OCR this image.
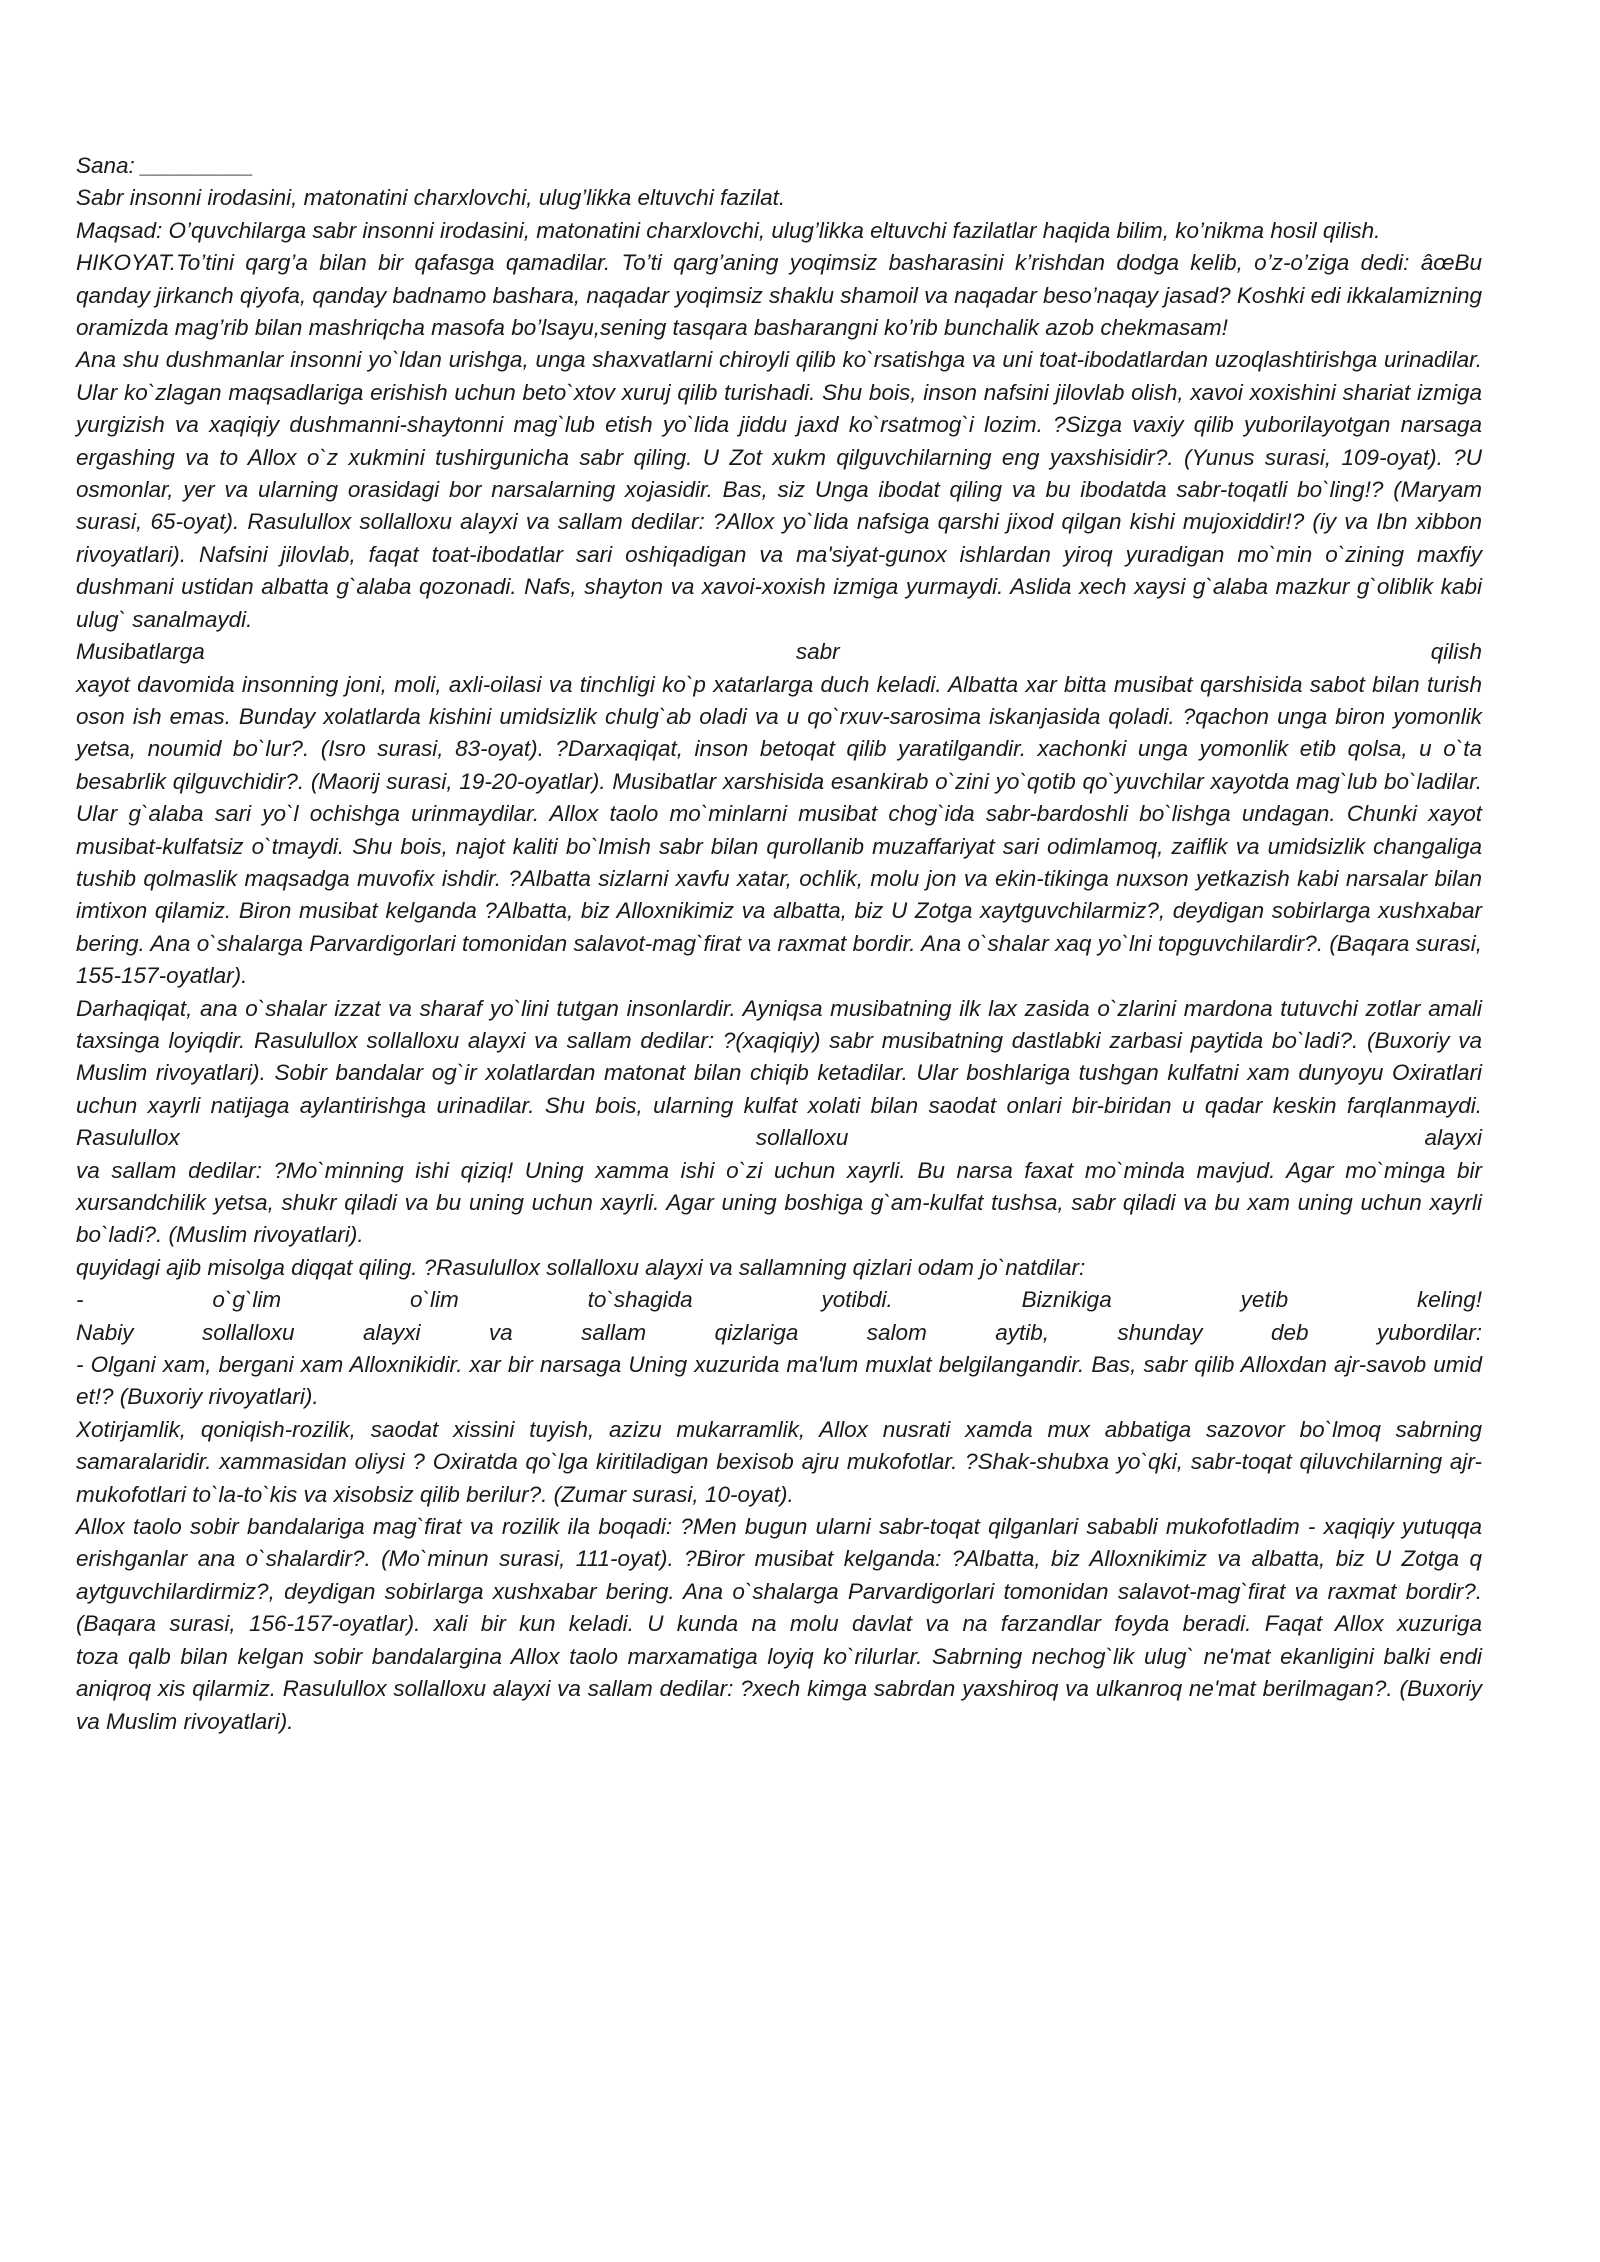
Sana: _________

Sabr insonni irodasini, matonatini charxlovchi, ulug’likka eltuvchi fazilat.

Maqsad: O’quvchilarga sabr insonni irodasini, matonatini charxlovchi, ulug’likka eltuvchi fazilatlar haqida bilim, ko’nikma hosil qilish.

HIKOYAT.To’tini qarg’a bilan bir qafasga qamadilar. To’ti qarg’aning yoqimsiz basharasini k’rishdan dodga kelib, o’z-o’ziga dedi: âœBu qanday jirkanch qiyofa, qanday badnamo bashara, naqadar yoqimsiz shaklu shamoil va naqadar beso’naqay jasad? Koshki edi ikkalamizning oramizda mag’rib bilan mashriqcha masofa bo’lsayu,sening tasqara basharangni ko’rib bunchalik azob chekmasam!

Ana shu dushmanlar insonni yo`ldan urishga, unga shaxvatlarni chiroyli qilib ko`rsatishga va uni toat-ibodatlardan uzoqlashtirishga urinadilar. Ular ko`zlagan maqsadlariga erishish uchun beto`xtov xuruj qilib turishadi. Shu bois, inson nafsini jilovlab olish, xavoi xoxishini shariat izmiga yurgizish va xaqiqiy dushmanni-shaytonni mag`lub etish yo`lida jiddu jaxd ko`rsatmog`i lozim. ?Sizga vaxiy qilib yuborilayotgan narsaga ergashing va to Allox o`z xukmini tushirgunicha sabr qiling. U Zot xukm qilguvchilarning eng yaxshisidir?. (Yunus surasi, 109-oyat). ?U osmonlar, yer va ularning orasidagi bor narsalarning xojasidir. Bas, siz Unga ibodat qiling va bu ibodatda sabr-toqatli bo`ling!? (Maryam surasi, 65-oyat). Rasulullox sollalloxu alayxi va sallam dedilar: ?Allox yo`lida nafsiga qarshi jixod qilgan kishi mujoxiddir!? (iy va Ibn xibbon rivoyatlari). Nafsini jilovlab, faqat toat-ibodatlar sari oshiqadigan va ma'siyat-gunox ishlardan yiroq yuradigan mo`min o`zining maxfiy dushmani ustidan albatta g`alaba qozonadi. Nafs, shayton va xavoi-xoxish izmiga yurmaydi. Aslida xech xaysi g`alaba mazkur g`oliblik kabi ulug` sanalmaydi.

Musibatlarga sabr qilish

xayot davomida insonning joni, moli, axli-oilasi va tinchligi ko`p xatarlarga duch keladi. Albatta xar bitta musibat qarshisida sabot bilan turish oson ish emas. Bunday xolatlarda kishini umidsizlik chulg`ab oladi va u qo`rxuv-sarosima iskanjasida qoladi. ?qachon unga biron yomonlik yetsa, noumid bo`lur?. (Isro surasi, 83-oyat). ?Darxaqiqat, inson betoqat qilib yaratilgandir. xachonki unga yomonlik etib qolsa, u o`ta besabrlik qilguvchidir?. (Maorij surasi, 19-20-oyatlar). Musibatlar xarshisida esankirab o`zini yo`qotib qo`yuvchilar xayotda mag`lub bo`ladilar. Ular g`alaba sari yo`l ochishga urinmaydilar. Allox taolo mo`minlarni musibat chog`ida sabr-bardoshli bo`lishga undagan. Chunki xayot musibat-kulfatsiz o`tmaydi. Shu bois, najot kaliti bo`lmish sabr bilan qurollanib muzaffariyat sari odimlamoq, zaiflik va umidsizlik changaliga tushib qolmaslik maqsadga muvofix ishdir. ?Albatta sizlarni xavfu xatar, ochlik, molu jon va ekin-tikinga nuxson yetkazish kabi narsalar bilan imtixon qilamiz. Biron musibat kelganda ?Albatta, biz Alloxnikimiz va albatta, biz U Zotga xaytguvchilarmiz?, deydigan sobirlarga xushxabar bering. Ana o`shalarga Parvardigorlari tomonidan salavot-mag`firat va raxmat bordir. Ana o`shalar xaq yo`lni topguvchilardir?. (Baqara surasi, 155-157-oyatlar).

Darhaqiqat, ana o`shalar izzat va sharaf yo`lini tutgan insonlardir. Ayniqsa musibatning ilk lax zasida o`zlarini mardona tutuvchi zotlar amali taxsinga loyiqdir. Rasulullox sollalloxu alayxi va sallam dedilar: ?(xaqiqiy) sabr musibatning dastlabki zarbasi paytida bo`ladi?. (Buxoriy va Muslim rivoyatlari). Sobir bandalar og`ir xolatlardan matonat bilan chiqib ketadilar. Ular boshlariga tushgan kulfatni xam dunyoyu Oxiratlari uchun xayrli natijaga aylantirishga urinadilar. Shu bois, ularning kulfat xolati bilan saodat onlari bir-biridan u qadar keskin farqlanmaydi. Rasulullox sollalloxu alayxi

va sallam dedilar: ?Mo`minning ishi qiziq! Uning xamma ishi o`zi uchun xayrli. Bu narsa faxat mo`minda mavjud. Agar mo`minga bir xursandchilik yetsa, shukr qiladi va bu uning uchun xayrli. Agar uning boshiga g`am-kulfat tushsa, sabr qiladi va bu xam uning uchun xayrli bo`ladi?. (Muslim rivoyatlari).

quyidagi ajib misolga diqqat qiling. ?Rasulullox sollalloxu alayxi va sallamning qizlari odam jo`natdilar:

- o`g`lim o`lim to`shagida yotibdi. Biznikiga yetib keling!

Nabiy sollalloxu alayxi va sallam qizlariga salom aytib, shunday deb yubordilar:

- Olgani xam, bergani xam Alloxnikidir. xar bir narsaga Uning xuzurida ma'lum muxlat belgilangandir. Bas, sabr qilib Alloxdan ajr-savob umid et!? (Buxoriy rivoyatlari).

Xotirjamlik, qoniqish-rozilik, saodat xissini tuyish, azizu mukarramlik, Allox nusrati xamda mux abbatiga sazovor bo`lmoq sabrning samaralaridir. xammasidan oliysi ? Oxiratda qo`lga kiritiladigan bexisob ajru mukofotlar. ?Shak-shubxa yo`qki, sabr-toqat qiluvchilarning ajr-mukofotlari to`la-to`kis va xisobsiz qilib berilur?. (Zumar surasi, 10-oyat).

Allox taolo sobir bandalariga mag`firat va rozilik ila boqadi: ?Men bugun ularni sabr-toqat qilganlari sababli mukofotladim - xaqiqiy yutuqqa erishganlar ana o`shalardir?. (Mo`minun surasi, 111-oyat). ?Biror musibat kelganda: ?Albatta, biz Alloxnikimiz va albatta, biz U Zotga q

aytguvchilardirmiz?, deydigan sobirlarga xushxabar bering. Ana o`shalarga Parvardigorlari tomonidan salavot-mag`firat va raxmat bordir?. (Baqara surasi, 156-157-oyatlar). xali bir kun keladi. U kunda na molu davlat va na farzandlar foyda beradi. Faqat Allox xuzuriga

toza qalb bilan kelgan sobir bandalargina Allox taolo marxamatiga loyiq ko`rilurlar. Sabrning nechog`lik ulug` ne'mat ekanligini balki endi aniqroq xis qilarmiz. Rasulullox sollalloxu alayxi va sallam dedilar: ?xech kimga sabrdan yaxshiroq va ulkanroq ne'mat berilmagan?. (Buxoriy va Muslim rivoyatlari).
